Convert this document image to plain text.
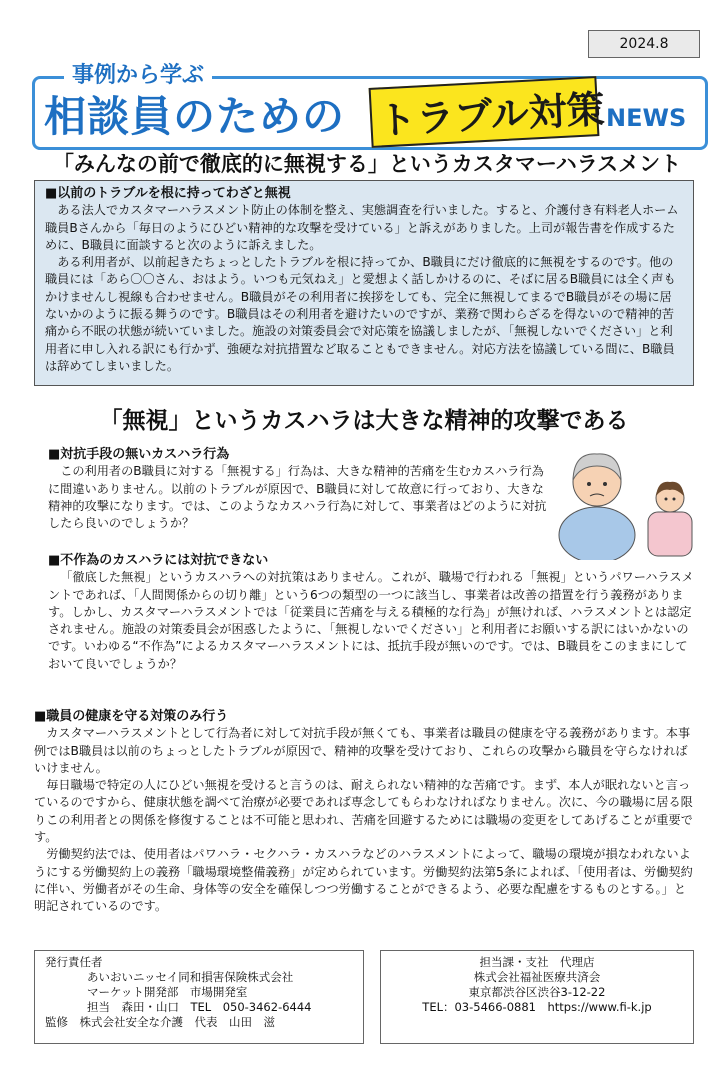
2024.8
事例から学ぶ
相談員のための トラブル対策 NEWS
「みんなの前で徹底的に無視する」というカスタマーハラスメント

■以前のトラブルを根に持ってわざと無視

ある法人でカスタマーハラスメント防止の体制を整え、実態調査を行いました。すると、介護付き有料老人ホーム職員Bさんから「毎日のようにひどい精神的な攻撃を受けている」と訴えがありました。上司が報告書を作成するために、B職員に面談すると次のように訴えました。

ある利用者が、以前起きたちょっとしたトラブルを根に持ってか、B職員にだけ徹底的に無視をするのです。他の職員には「あら〇〇さん、おはよう。いつも元気ねえ」と愛想よく話しかけるのに、そばに居るB職員には全く声もかけませんし視線も合わせません。B職員がその利用者に挨拶をしても、完全に無視してまるでB職員がその場に居ないかのように振る舞うのです。B職員はその利用者を避けたいのですが、業務で関わらざるを得ないので精神的苦痛から不眠の状態が続いていました。施設の対策委員会で対応策を協議しましたが、「無視しないでください」と利用者に申し入れる訳にも行かず、強硬な対抗措置など取ることもできません。対応方法を協議している間に、B職員は辞めてしまいました。

「無視」というカスハラは大きな精神的攻撃である

■対抗手段の無いカスハラ行為

この利用者のB職員に対する「無視する」行為は、大きな精神的苦痛を生むカスハラ行為に間違いありません。以前のトラブルが原因で、B職員に対して故意に行っており、大きな精神的攻撃になります。では、このようなカスハラ行為に対して、事業者はどのように対抗したら良いのでしょうか？

■不作為のカスハラには対抗できない

「徹底した無視」というカスハラへの対抗策はありません。これが、職場で行われる「無視」というパワーハラスメントであれば、「人間関係からの切り離」という6つの類型の一つに該当し、事業者は改善の措置を行う義務があります。しかし、カスタマーハラスメントでは「従業員に苦痛を与える積極的な行為」が無ければ、ハラスメントとは認定されません。施設の対策委員会が困惑したように、「無視しないでください」と利用者にお願いする訳にはいかないのです。いわゆる“不作為”によるカスタマーハラスメントには、抵抗手段が無いのです。では、B職員をこのままにしておいて良いでしょうか？

■職員の健康を守る対策のみ行う

カスタマーハラスメントとして行為者に対して対抗手段が無くても、事業者は職員の健康を守る義務があります。本事例ではB職員は以前のちょっとしたトラブルが原因で、精神的攻撃を受けており、これらの攻撃から職員を守らなければいけません。

毎日職場で特定の人にひどい無視を受けると言うのは、耐えられない精神的な苦痛です。まず、本人が眠れないと言っているのですから、健康状態を調べて治療が必要であれば専念してもらわなければなりません。次に、今の職場に居る限りこの利用者との関係を修復することは不可能と思われ、苦痛を回避するためには職場の変更をしてあげることが重要です。

労働契約法では、使用者はパワハラ・セクハラ・カスハラなどのハラスメントによって、職場の環境が損なわれないようにする労働契約上の義務「職場環境整備義務」が定められています。労働契約法第5条によれば、「使用者は、労働契約に伴い、労働者がその生命、身体等の安全を確保しつつ労働することができるよう、必要な配慮をするものとする。」と明記されているのです。

発行責任者
あいおいニッセイ同和損害保険株式会社
マーケット開発部　市場開発室
担当　森田・山口　TEL　050-3462-6444
監修　株式会社安全な介護　代表　山田　滋
担当課・支社　代理店
株式会社福祉医療共済会
東京都渋谷区渋谷3-12-22
TEL：03-5466-0881　https://www.fi-k.jp
